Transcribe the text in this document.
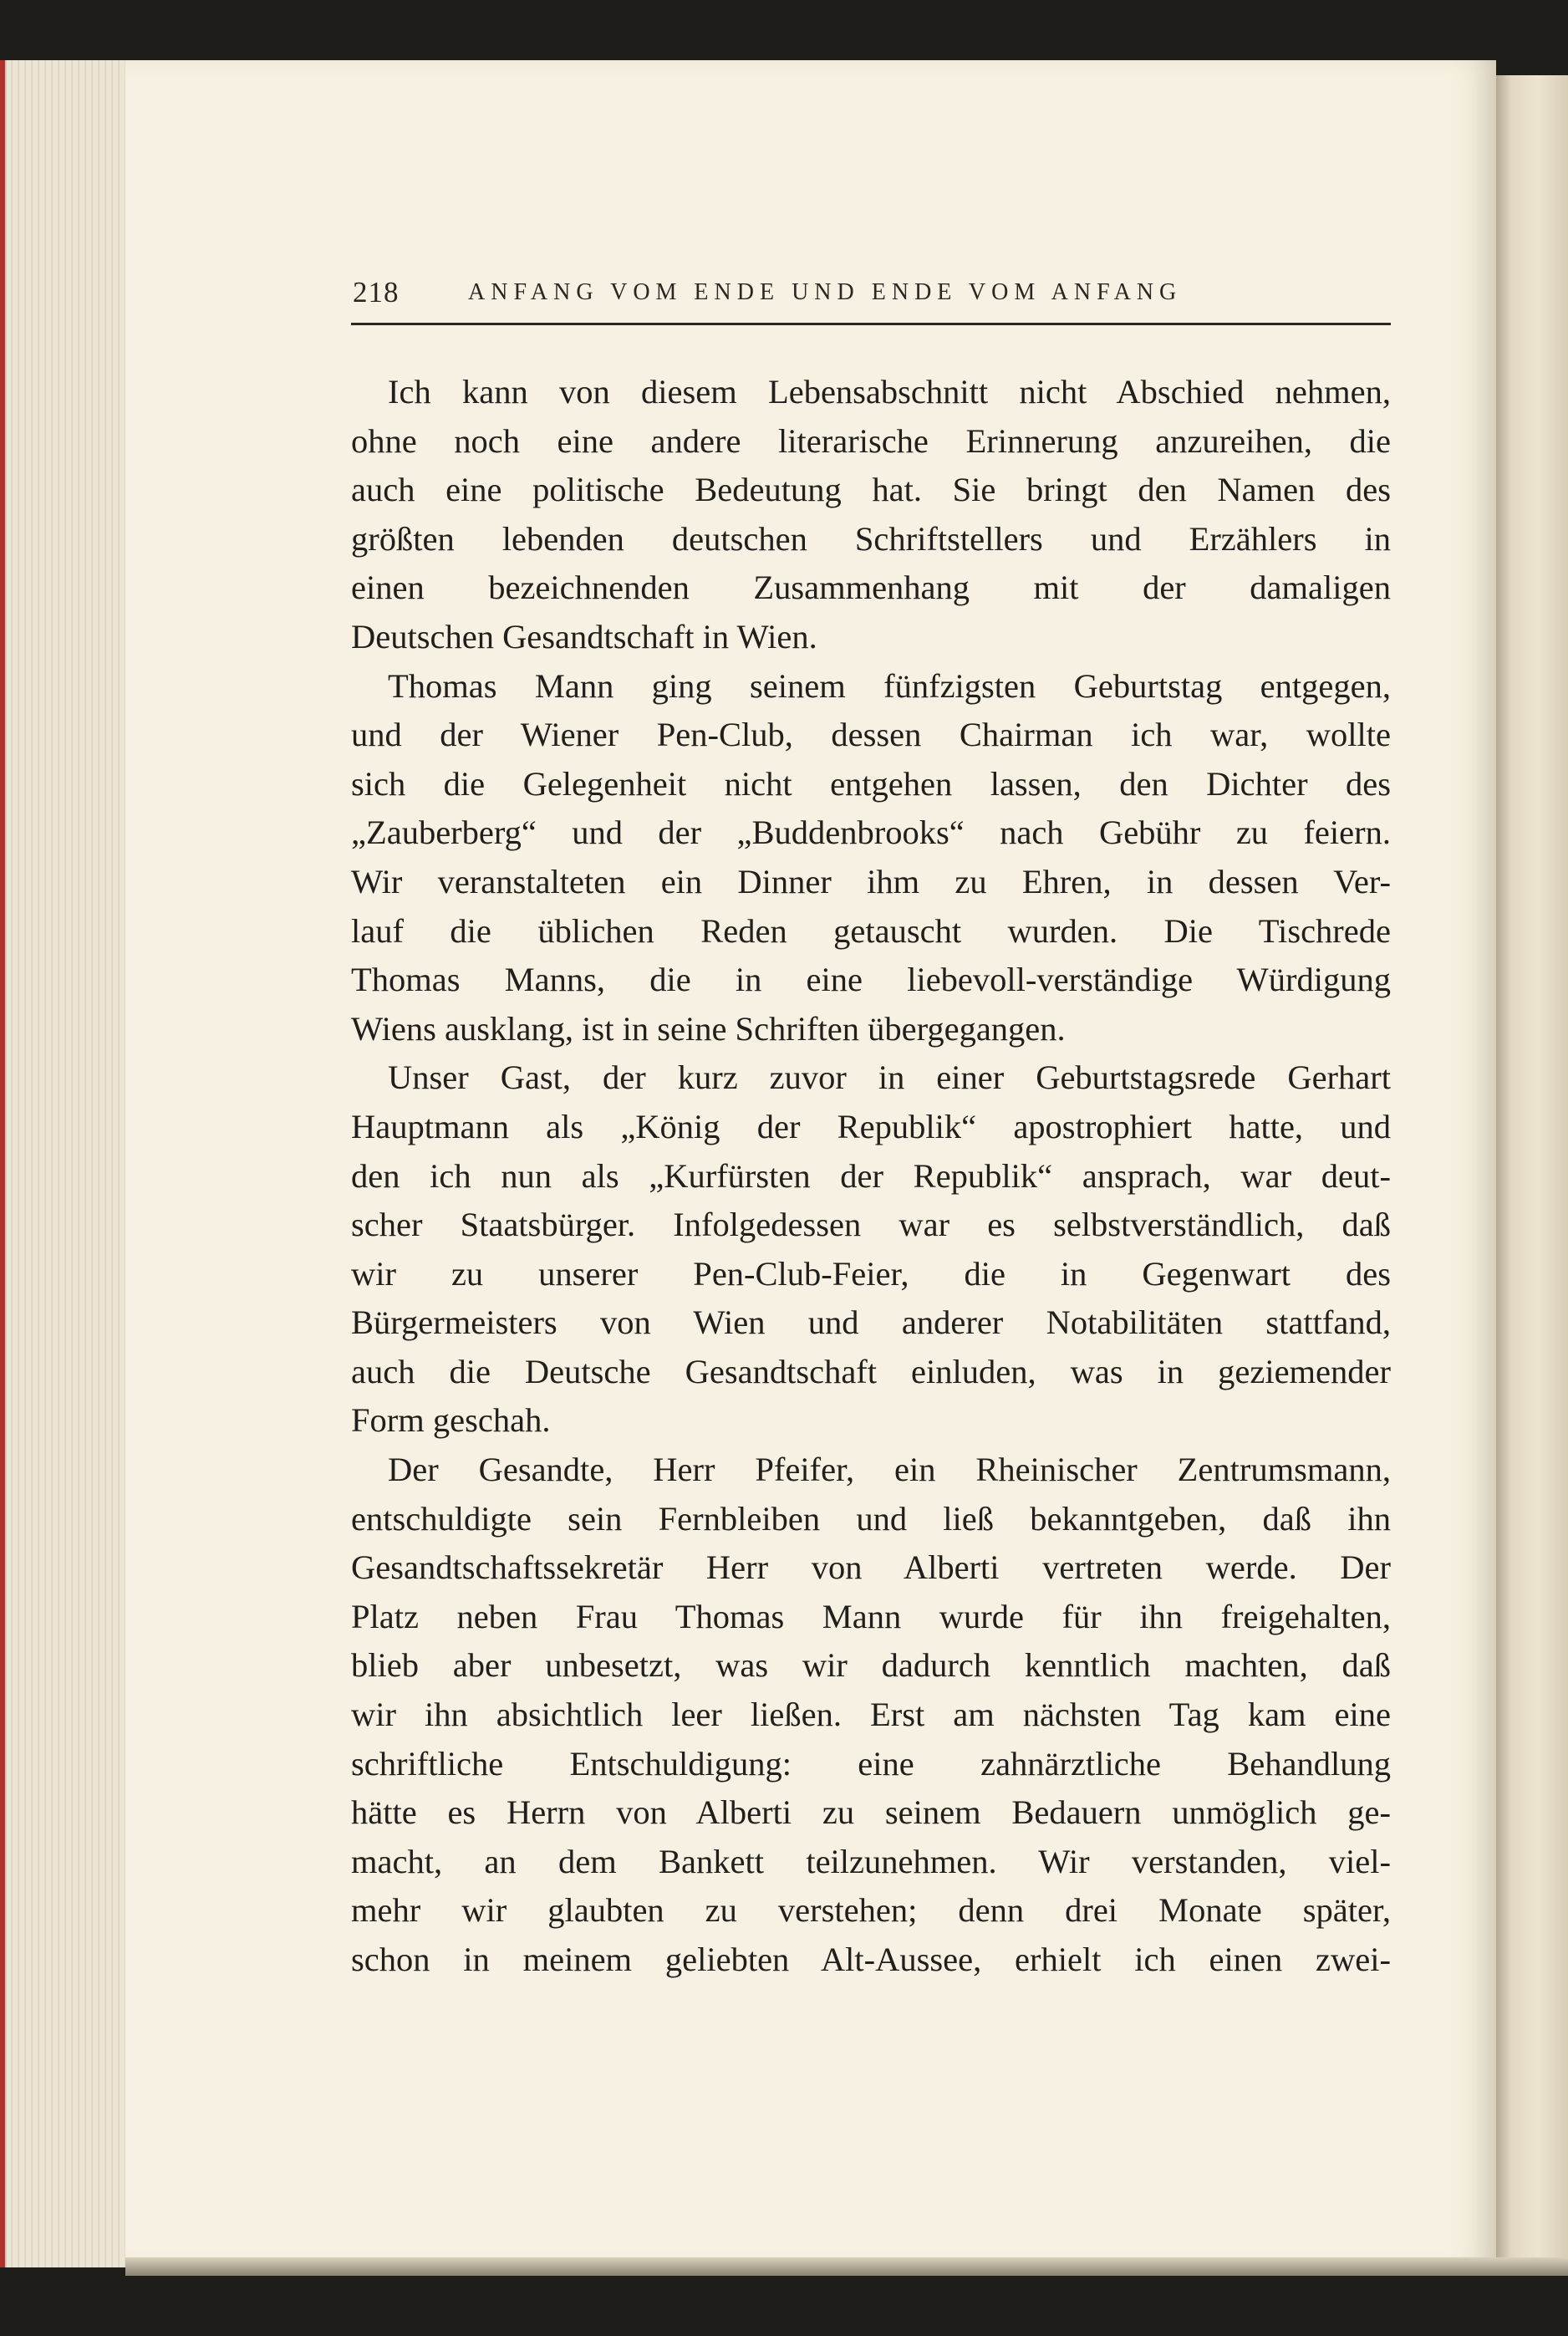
218	ANFANG VOM ENDE UND ENDE VOM ANFANG
Ich kann von diesem Lebensabschnitt nicht Abschied nehmen,
ohne noch eine andere literarische Erinnerung anzureihen, die
auch eine politische Bedeutung hat. Sie bringt den Namen des
größten lebenden deutschen Schriftstellers und Erzählers in
einen bezeichnenden Zusammenhang mit der damaligen
Deutschen Gesandtschaft in Wien.
Thomas Mann ging seinem fünfzigsten Geburtstag entgegen,
und der Wiener Pen-Club, dessen Chairman ich war, wollte
sich die Gelegenheit nicht entgehen lassen, den Dichter des
„Zauberberg“ und der „Buddenbrooks“ nach Gebühr zu feiern.
Wir veranstalteten ein Dinner ihm zu Ehren, in dessen Ver-
lauf die üblichen Reden getauscht wurden. Die Tischrede
Thomas Manns, die in eine liebevoll-verständige Würdigung
Wiens ausklang, ist in seine Schriften übergegangen.
Unser Gast, der kurz zuvor in einer Geburtstagsrede Gerhart
Hauptmann als „König der Republik“ apostrophiert hatte, und
den ich nun als „Kurfürsten der Republik“ ansprach, war deut-
scher Staatsbürger. Infolgedessen war es selbstverständlich, daß
wir zu unserer Pen-Club-Feier, die in Gegenwart des
Bürgermeisters von Wien und anderer Notabilitäten stattfand,
auch die Deutsche Gesandtschaft einluden, was in geziemender
Form geschah.
Der Gesandte, Herr Pfeifer, ein Rheinischer Zentrumsmann,
entschuldigte sein Fernbleiben und ließ bekanntgeben, daß ihn
Gesandtschaftssekretär Herr von Alberti vertreten werde. Der
Platz neben Frau Thomas Mann wurde für ihn freigehalten,
blieb aber unbesetzt, was wir dadurch kenntlich machten, daß
wir ihn absichtlich leer ließen. Erst am nächsten Tag kam eine
schriftliche Entschuldigung: eine zahnärztliche Behandlung
hätte es Herrn von Alberti zu seinem Bedauern unmöglich ge-
macht, an dem Bankett teilzunehmen. Wir verstanden, viel-
mehr wir glaubten zu verstehen; denn drei Monate später,
schon in meinem geliebten Alt-Aussee, erhielt ich einen zwei-
